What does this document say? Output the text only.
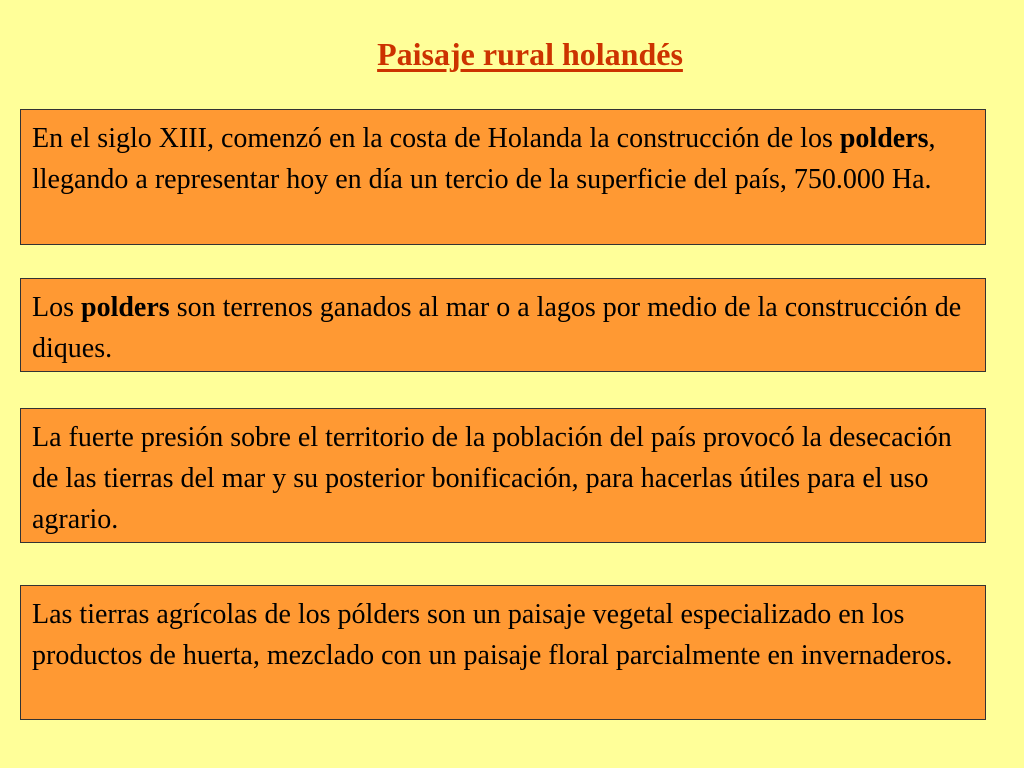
Paisaje rural holandés

En el siglo XIII, comenzó en la costa de Holanda la construcción de los polders, llegando a representar hoy en día un tercio de la superficie del país, 750.000 Ha.

Los polders son terrenos ganados al mar o a lagos por medio de la construcción de diques.

La fuerte presión sobre el territorio de la población del país provocó la desecación de las tierras del mar y su posterior bonificación, para hacerlas útiles para el uso agrario.

Las tierras agrícolas de los pólders son un paisaje vegetal especializado en los productos de huerta, mezclado con un paisaje floral parcialmente en invernaderos.
